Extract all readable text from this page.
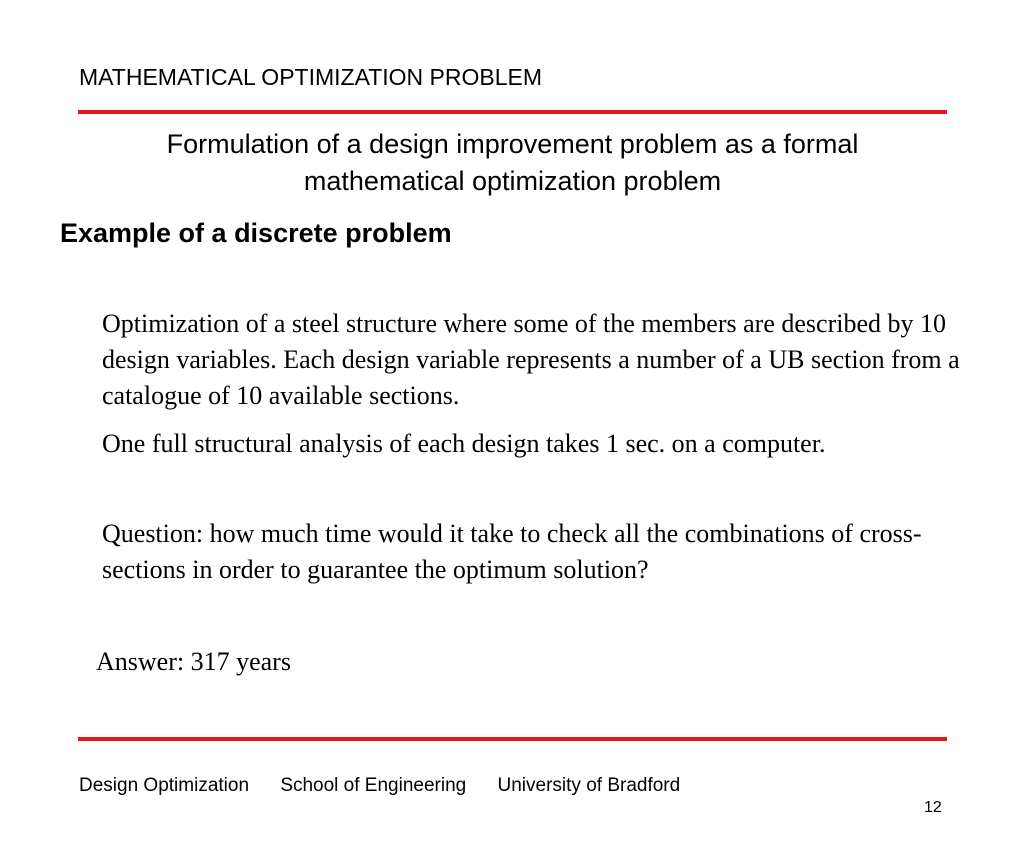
MATHEMATICAL OPTIMIZATION PROBLEM
Formulation of a design improvement problem as a formal
mathematical optimization problem
Example of a discrete problem

Optimization of a steel structure where some of the members are described by 10 design variables. Each design variable represents a number of a UB section from a catalogue of 10 available sections.

One full structural analysis of each design takes 1 sec. on a computer.

Question: how much time would it take to check all the combinations of cross-sections in order to guarantee the optimum solution?

Answer: 317 years
Design Optimization School of Engineering University of Bradford
12
